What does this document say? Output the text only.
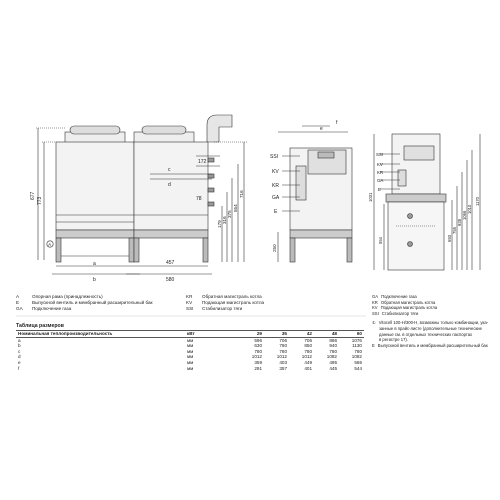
677
773
a
b
A
c
172
d
78
179
316
375
554
716
457
580
e
f
250
SSI
KV
KR
GA
E
SSI
KV
KR
GA
E
1031
554	693
755
928
1066
1010
1170
A	Опорная рама (принадлежность)
E	Выпускной вентиль и мембранный расширительный бак
GA	Подключение газа
KR	Обратная магистраль котла
KV	Подающая магистраль котла
SSI	Стабилизатор тяги
Таблица размеров
Номинальная теплопроизводительность	кВт	29	35	42	48	60
a	мм	596	706	706	886	1076
b	мм	630	760	850	940	1130
c	мм	780	780	780	780	780
d	мм	1012	1012	1012	1082	1082
e	мм	359	403	449	495	586
f	мм	291	357	401	445	544
GA Подключение газа
KR Обратная магистраль котла
KV Подающая магистраль котла
SSI Стабилизатор тяги
① Vitocell 100-H/300-H, возможны только комбинации, ука-
занные в прайс-листе (дополнительные технические
данные см. в отдельных технических паспортах
в регистре 17).
E Выпускной вентиль и мембранный расширительный бак
